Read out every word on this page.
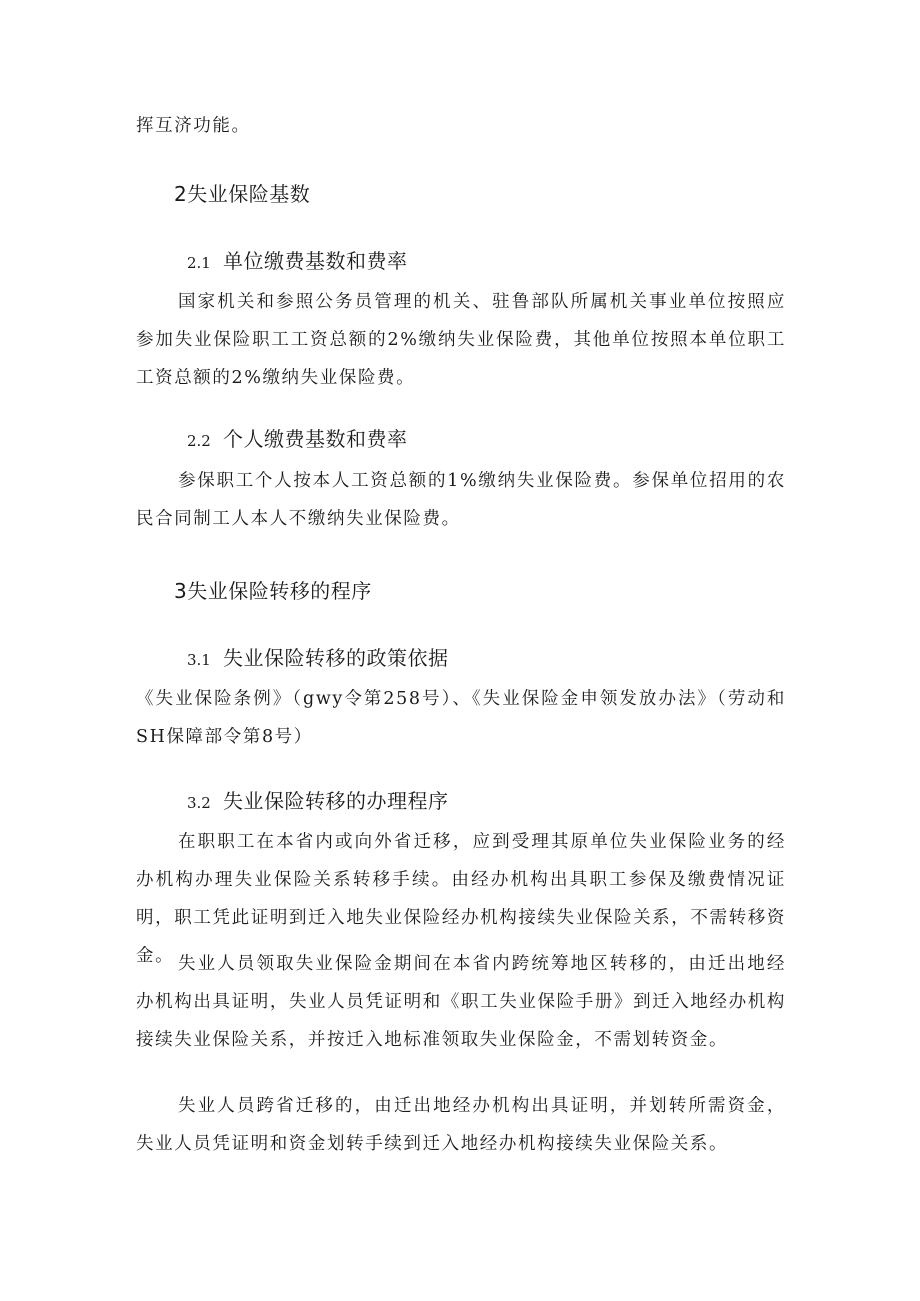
挥互济功能。

2失业保险基数
2.1 单位缴费基数和费率

国家机关和参照公务员管理的机关、驻鲁部队所属机关事业单位按照应参加失业保险职工工资总额的2%缴纳失业保险费，其他单位按照本单位职工工资总额的2%缴纳失业保险费。

2.2 个人缴费基数和费率

参保职工个人按本人工资总额的1%缴纳失业保险费。参保单位招用的农民合同制工人本人不缴纳失业保险费。

3失业保险转移的程序
3.1 失业保险转移的政策依据

《失业保险条例》（gwy令第258号）、《失业保险金申领发放办法》（劳动和SH保障部令第8号）

3.2 失业保险转移的办理程序

在职职工在本省内或向外省迁移，应到受理其原单位失业保险业务的经办机构办理失业保险关系转移手续。由经办机构出具职工参保及缴费情况证明，职工凭此证明到迁入地失业保险经办机构接续失业保险关系，不需转移资金。 失业人员领取失业保险金期间在本省内跨统筹地区转移的，由迁出地经办机构出具证明，失业人员凭证明和《职工失业保险手册》到迁入地经办机构接续失业保险关系，并按迁入地标准领取失业保险金，不需划转资金。

失业人员跨省迁移的，由迁出地经办机构出具证明，并划转所需资金，失业人员凭证明和资金划转手续到迁入地经办机构接续失业保险关系。
